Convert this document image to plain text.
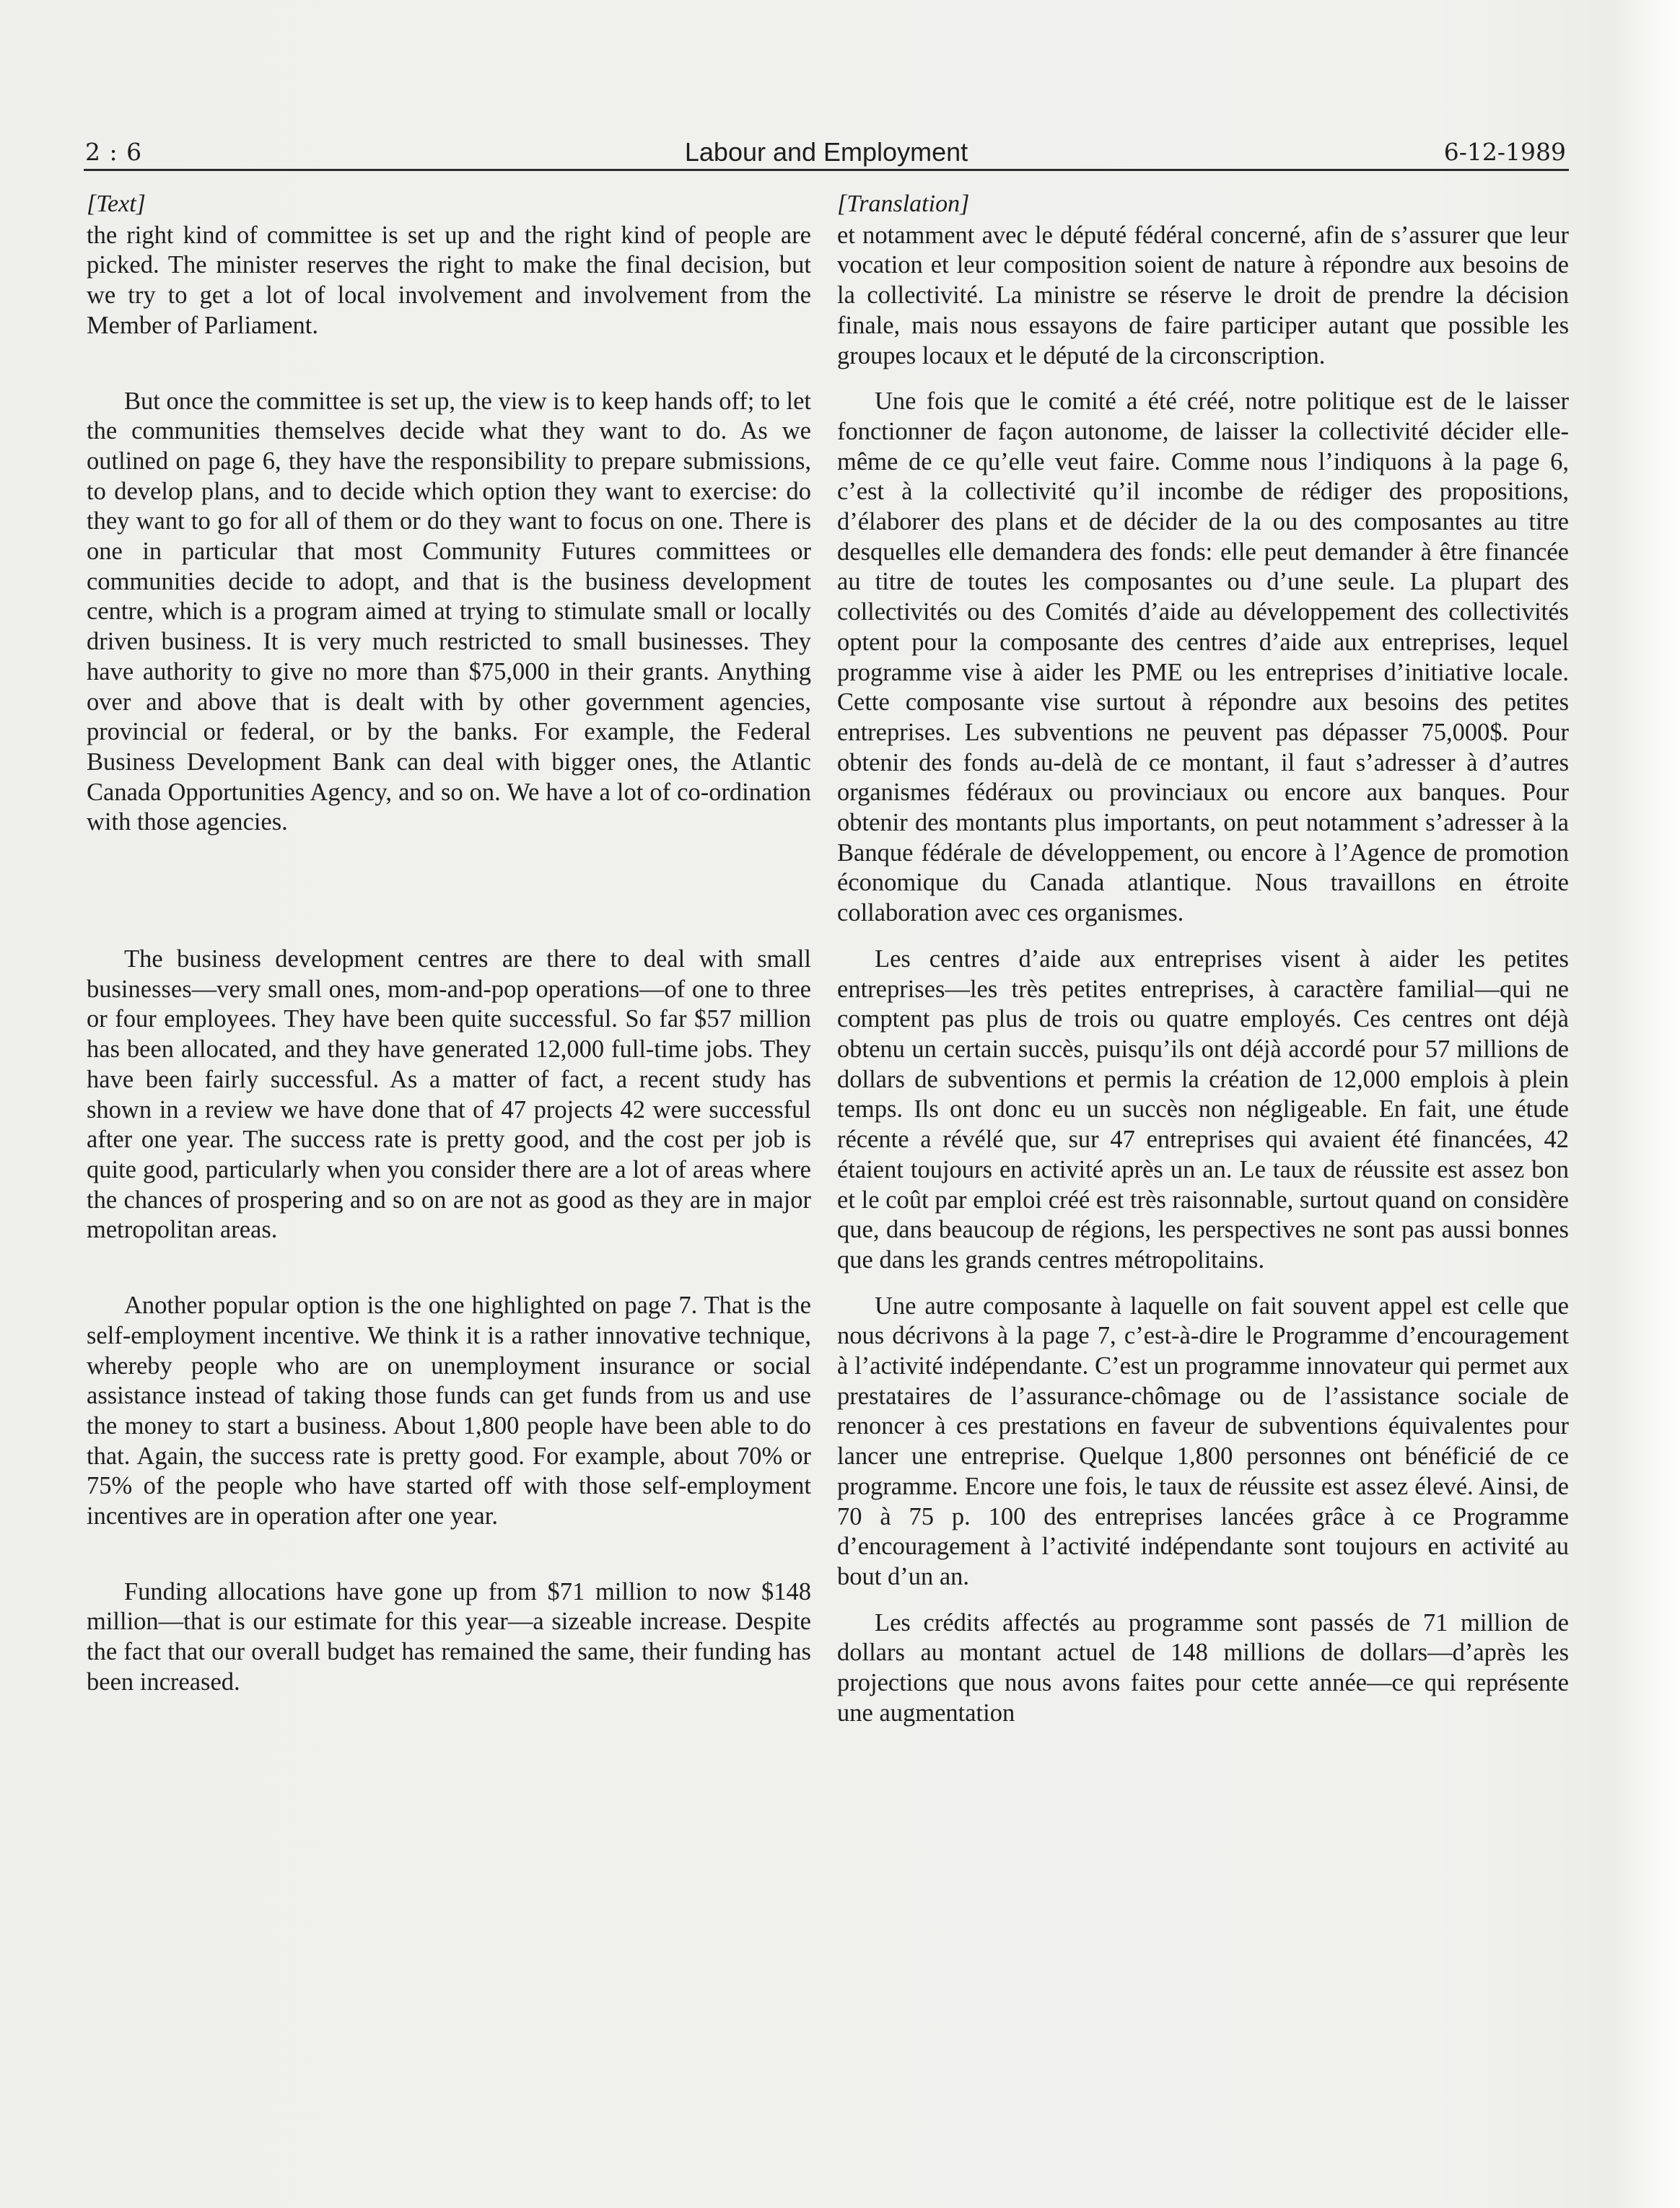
2 : 6	Labour and Employment	6-12-1989
[Text]

the right kind of committee is set up and the right kind of people are picked. The minister reserves the right to make the final decision, but we try to get a lot of local involvement and involvement from the Member of Parliament.

But once the committee is set up, the view is to keep hands off; to let the communities themselves decide what they want to do. As we outlined on page 6, they have the responsibility to prepare submissions, to develop plans, and to decide which option they want to exercise: do they want to go for all of them or do they want to focus on one. There is one in particular that most Community Futures committees or communities decide to adopt, and that is the business development centre, which is a program aimed at trying to stimulate small or locally driven business. It is very much restricted to small businesses. They have authority to give no more than $75,000 in their grants. Anything over and above that is dealt with by other government agencies, provincial or federal, or by the banks. For example, the Federal Business Development Bank can deal with bigger ones, the Atlantic Canada Opportunities Agency, and so on. We have a lot of co-ordination with those agencies.

The business development centres are there to deal with small businesses—very small ones, mom-and-pop operations—of one to three or four employees. They have been quite successful. So far $57 million has been allocated, and they have generated 12,000 full-time jobs. They have been fairly successful. As a matter of fact, a recent study has shown in a review we have done that of 47 projects 42 were successful after one year. The success rate is pretty good, and the cost per job is quite good, particularly when you consider there are a lot of areas where the chances of prospering and so on are not as good as they are in major metropolitan areas.

Another popular option is the one highlighted on page 7. That is the self-employment incentive. We think it is a rather innovative technique, whereby people who are on unemployment insurance or social assistance instead of taking those funds can get funds from us and use the money to start a business. About 1,800 people have been able to do that. Again, the success rate is pretty good. For example, about 70% or 75% of the people who have started off with those self-employment incentives are in operation after one year.

Funding allocations have gone up from $71 million to now $148 million—that is our estimate for this year—a sizeable increase. Despite the fact that our overall budget has remained the same, their funding has been increased.

[Translation]

et notamment avec le député fédéral concerné, afin de s’assurer que leur vocation et leur composition soient de nature à répondre aux besoins de la collectivité. La ministre se réserve le droit de prendre la décision finale, mais nous essayons de faire participer autant que possible les groupes locaux et le député de la circonscription.

Une fois que le comité a été créé, notre politique est de le laisser fonctionner de façon autonome, de laisser la collectivité décider elle-même de ce qu’elle veut faire. Comme nous l’indiquons à la page 6, c’est à la collectivité qu’il incombe de rédiger des propositions, d’élaborer des plans et de décider de la ou des composantes au titre desquelles elle demandera des fonds: elle peut demander à être financée au titre de toutes les composantes ou d’une seule. La plupart des collectivités ou des Comités d’aide au développement des collectivités optent pour la composante des centres d’aide aux entreprises, lequel programme vise à aider les PME ou les entreprises d’initiative locale. Cette composante vise surtout à répondre aux besoins des petites entreprises. Les subventions ne peuvent pas dépasser 75,000$. Pour obtenir des fonds au-delà de ce montant, il faut s’adresser à d’autres organismes fédéraux ou provinciaux ou encore aux banques. Pour obtenir des montants plus importants, on peut notamment s’adresser à la Banque fédérale de développement, ou encore à l’Agence de promotion économique du Canada atlantique. Nous travaillons en étroite collaboration avec ces organismes.

Les centres d’aide aux entreprises visent à aider les petites entreprises—les très petites entreprises, à caractère familial—qui ne comptent pas plus de trois ou quatre employés. Ces centres ont déjà obtenu un certain succès, puisqu’ils ont déjà accordé pour 57 millions de dollars de subventions et permis la création de 12,000 emplois à plein temps. Ils ont donc eu un succès non négligeable. En fait, une étude récente a révélé que, sur 47 entreprises qui avaient été financées, 42 étaient toujours en activité après un an. Le taux de réussite est assez bon et le coût par emploi créé est très raisonnable, surtout quand on considère que, dans beaucoup de régions, les perspectives ne sont pas aussi bonnes que dans les grands centres métropolitains.

Une autre composante à laquelle on fait souvent appel est celle que nous décrivons à la page 7, c’est-à-dire le Programme d’encouragement à l’activité indépendante. C’est un programme innovateur qui permet aux prestataires de l’assurance-chômage ou de l’assistance sociale de renoncer à ces prestations en faveur de subventions équivalentes pour lancer une entreprise. Quelque 1,800 personnes ont bénéficié de ce programme. Encore une fois, le taux de réussite est assez élevé. Ainsi, de 70 à 75 p. 100 des entreprises lancées grâce à ce Programme d’encouragement à l’activité indépendante sont toujours en activité au bout d’un an.

Les crédits affectés au programme sont passés de 71 million de dollars au montant actuel de 148 millions de dollars—d’après les projections que nous avons faites pour cette année—ce qui représente une augmentation
